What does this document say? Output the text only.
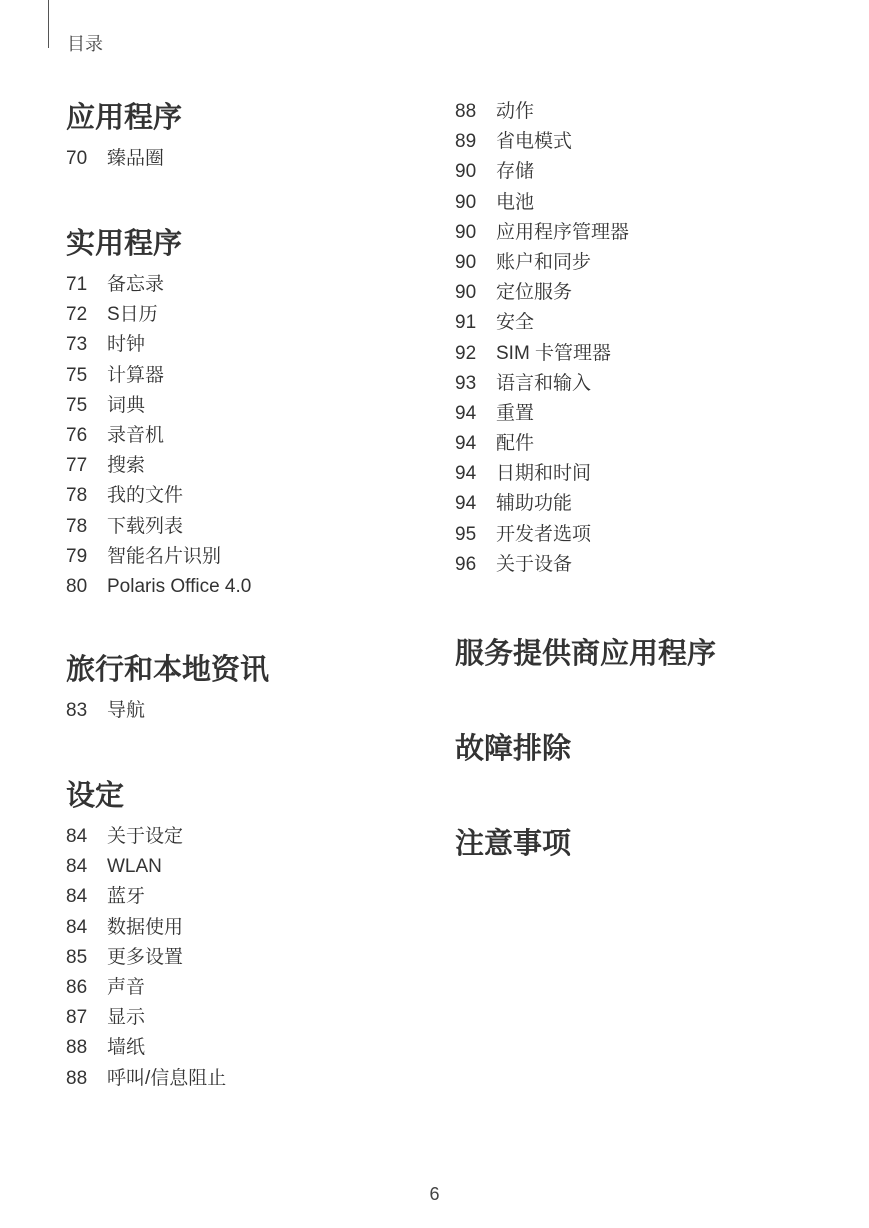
目录
应用程序
70	臻品圈
实用程序
71	备忘录
72	S日历
73	时钟
75	计算器
75	词典
76	录音机
77	搜索
78	我的文件
78	下载列表
79	智能名片识别
80	Polaris Office 4.0
旅行和本地资讯
83	导航
设定
84	关于设定
84	WLAN
84	蓝牙
84	数据使用
85	更多设置
86	声音
87	显示
88	墙纸
88	呼叫/信息阻止
88	动作
89	省电模式
90	存储
90	电池
90	应用程序管理器
90	账户和同步
90	定位服务
91	安全
92	SIM 卡管理器
93	语言和输入
94	重置
94	配件
94	日期和时间
94	辅助功能
95	开发者选项
96	关于设备
服务提供商应用程序
故障排除
注意事项
6
